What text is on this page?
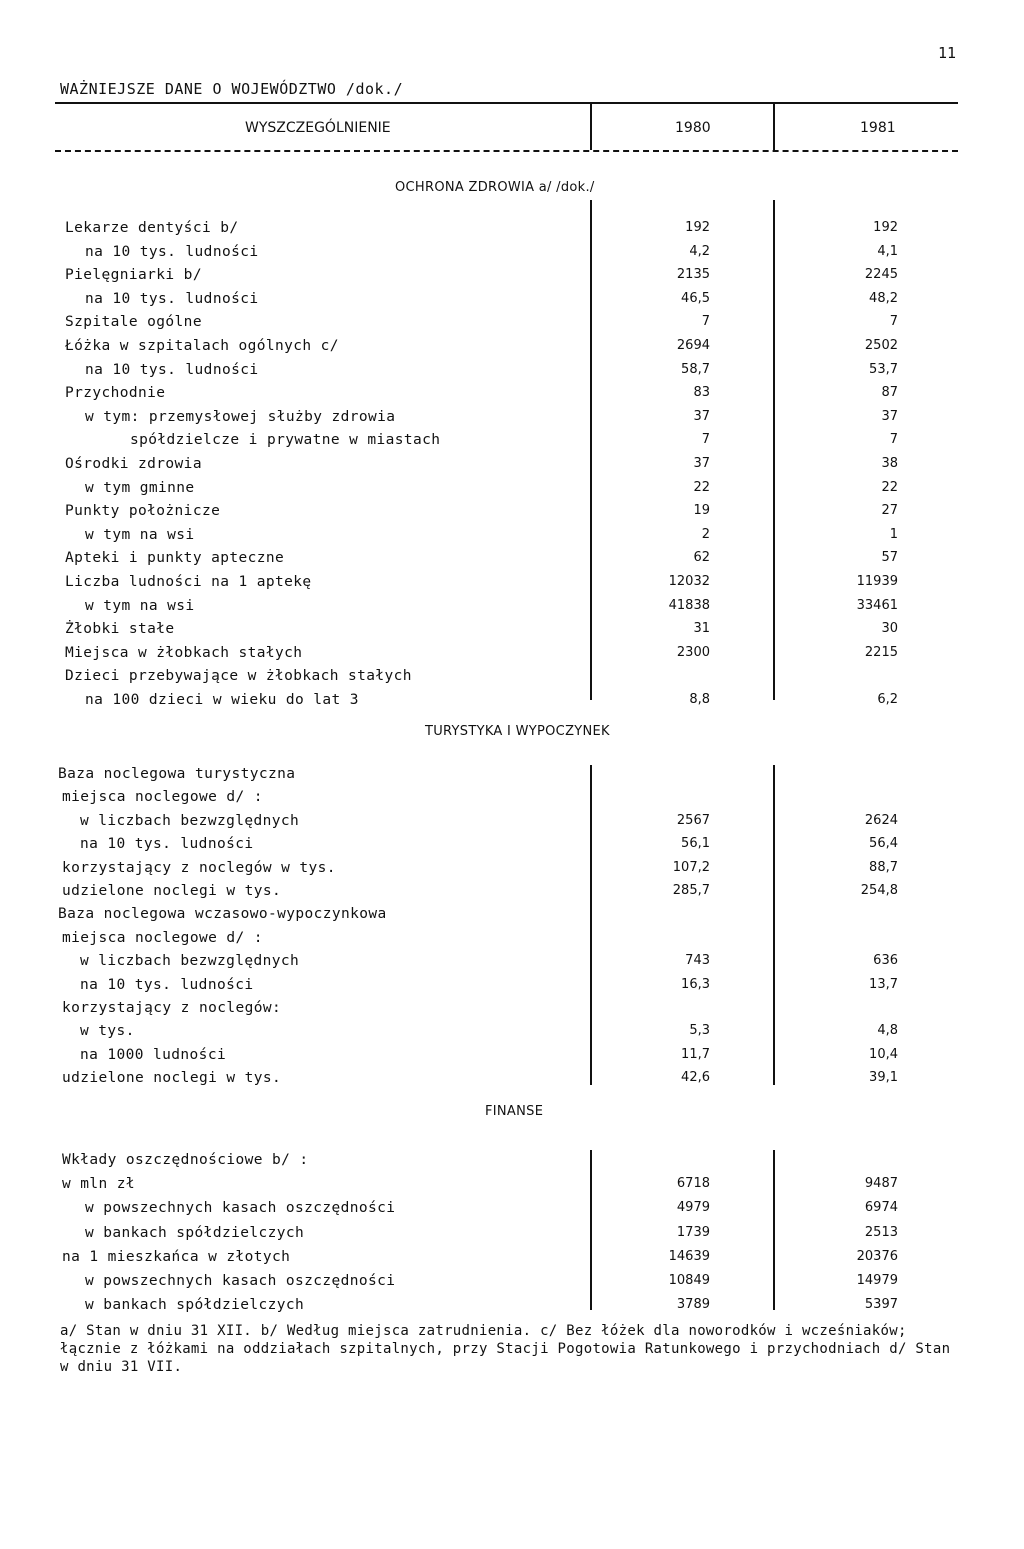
11
WAŻNIEJSZE DANE O WOJEWÓDZTWO /dok./
WYSZCZEGÓLNIENIE	1980	1981
OCHRONA ZDROWIA a/ /dok./
TURYSTYKA I WYPOCZYNEK
FINANSE
Lekarze dentyści b/	192	192
na 10 tys. ludności	4,2	4,1
Pielęgniarki b/	2135	2245
na 10 tys. ludności	46,5	48,2
Szpitale ogólne	7	7
Łóżka w szpitalach ogólnych c/	2694	2502
na 10 tys. ludności	58,7	53,7
Przychodnie	83	87
w tym: przemysłowej służby zdrowia	37	37
spółdzielcze i prywatne w miastach	7	7
Ośrodki zdrowia	37	38
w tym gminne	22	22
Punkty położnicze	19	27
w tym na wsi	2	1
Apteki i punkty apteczne	62	57
Liczba ludności na 1 aptekę	12032	11939
w tym na wsi	41838	33461
Żłobki stałe	31	30
Miejsca w żłobkach stałych	2300	2215
Dzieci przebywające w żłobkach stałych
na 100 dzieci w wieku do lat 3	8,8	6,2
Baza noclegowa turystyczna
miejsca noclegowe d/ :
w liczbach bezwzględnych	2567	2624
na 10 tys. ludności	56,1	56,4
korzystający z noclegów w tys.	107,2	88,7
udzielone noclegi w tys.	285,7	254,8
Baza noclegowa wczasowo-wypoczynkowa
miejsca noclegowe d/ :
w liczbach bezwzględnych	743	636
na 10 tys. ludności	16,3	13,7
korzystający z noclegów:
w tys.	5,3	4,8
na 1000 ludności	11,7	10,4
udzielone noclegi w tys.	42,6	39,1
Wkłady oszczędnościowe b/ :
w mln zł	6718	9487
w powszechnych kasach oszczędności	4979	6974
w bankach spółdzielczych	1739	2513
na 1 mieszkańca w złotych	14639	20376
w powszechnych kasach oszczędności	10849	14979
w bankach spółdzielczych	3789	5397
a/ Stan w dniu 31 XII. b/ Według miejsca zatrudnienia. c/ Bez łóżek dla noworodków i wcześniaków; łącznie z łóżkami na oddziałach szpitalnych, przy Stacji Pogotowia Ratunkowego i przychodniach d/ Stan w dniu 31 VII.
